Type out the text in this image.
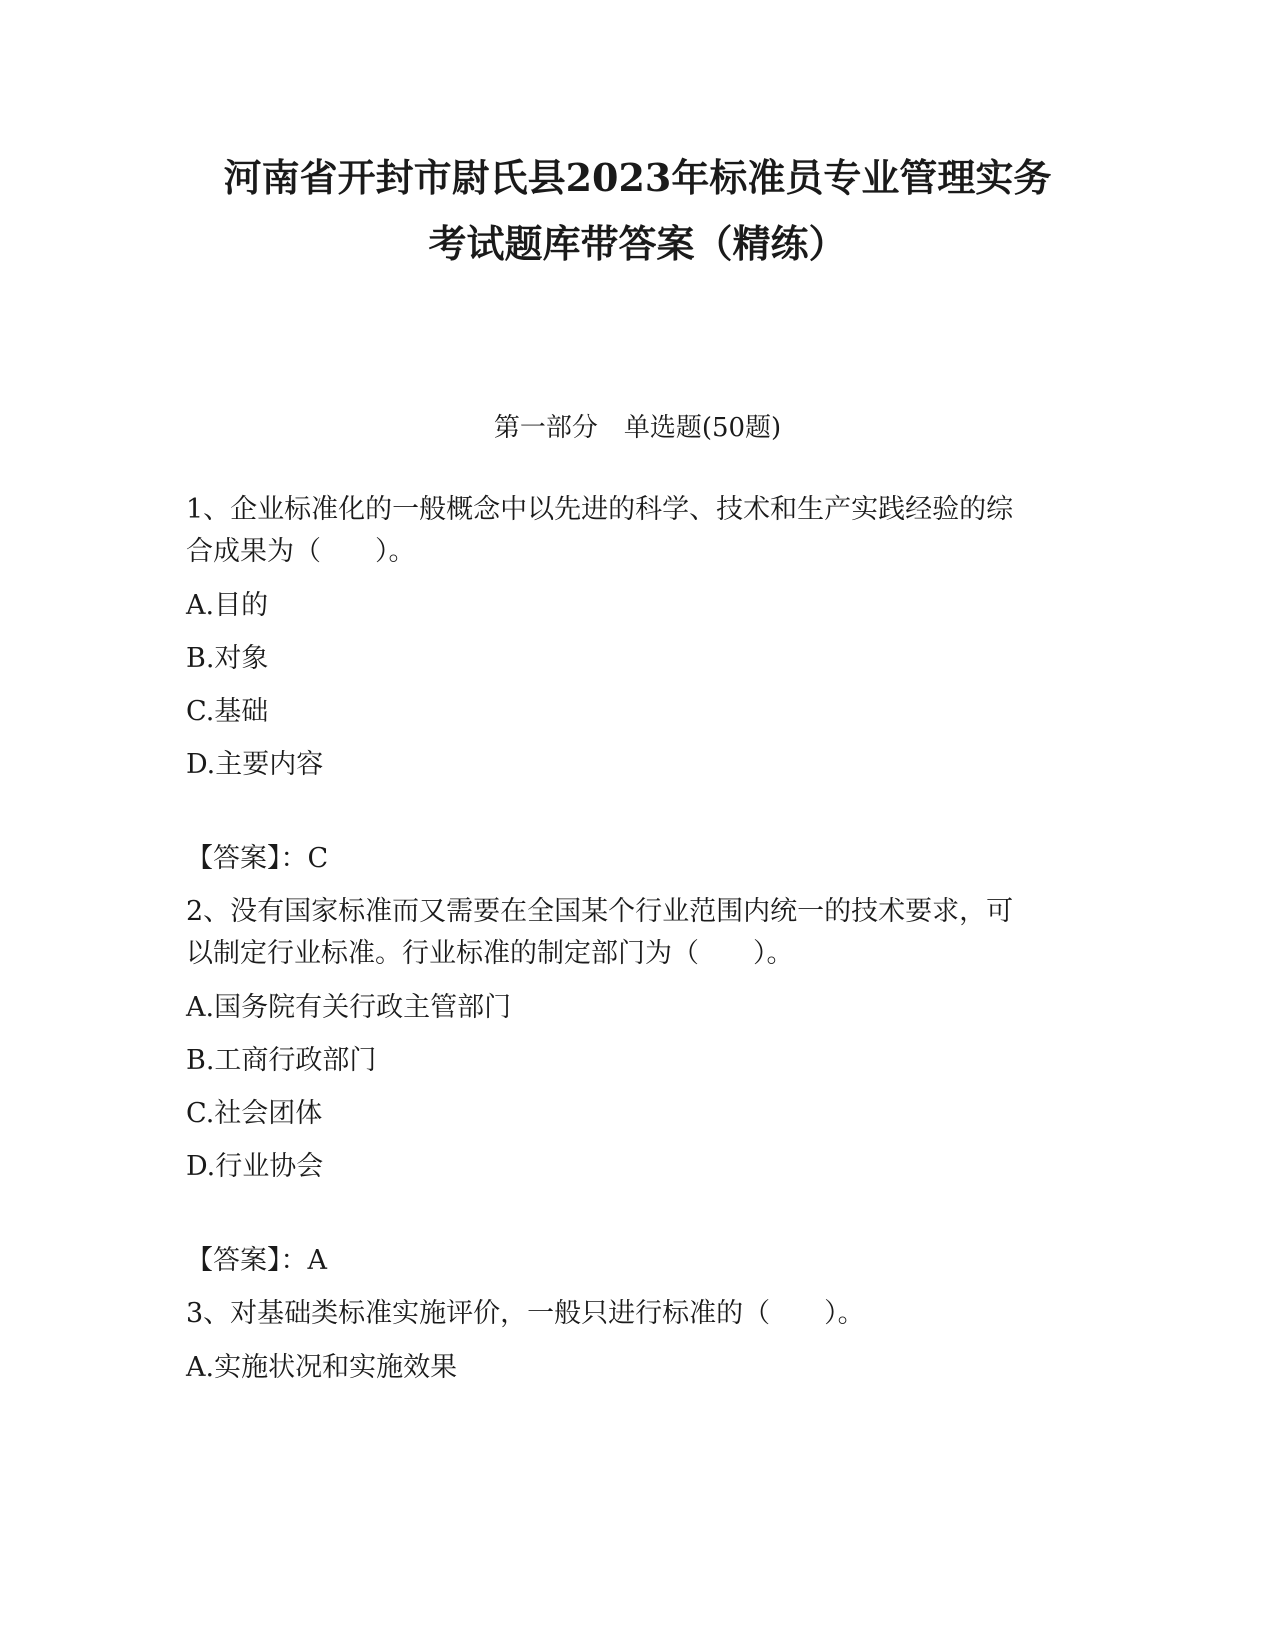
河南省开封市尉氏县2023年标准员专业管理实务
考试题库带答案（精练）
第一部分　单选题(50题)

1、企业标准化的一般概念中以先进的科学、技术和生产实践经验的综

合成果为（　　）。

A.目的

B.对象

C.基础

D.主要内容

【答案】：C

2、没有国家标准而又需要在全国某个行业范围内统一的技术要求，可

以制定行业标准。行业标准的制定部门为（　　）。

A.国务院有关行政主管部门

B.工商行政部门

C.社会团体

D.行业协会

【答案】：A

3、对基础类标准实施评价，一般只进行标准的（　　）。

A.实施状况和实施效果
